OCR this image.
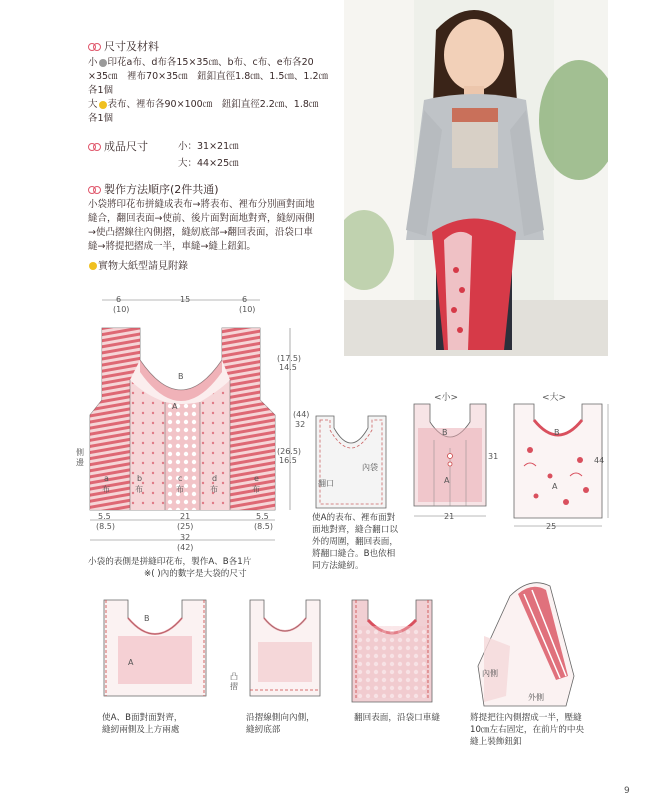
尺寸及材料
小 印花a布、d布各15×35㎝、b布、c布、e布各20
×35㎝　裡布70×35㎝　鈕釦直徑1.8㎝、1.5㎝、1.2㎝
各1個
大 表布、裡布各90×100㎝　鈕釦直徑2.2㎝、1.8㎝
各1個
成品尺寸	小：31×21㎝
大：44×25㎝
製作方法順序(2件共通)
小袋將印花布拼縫成表布→將表布、裡布分別画對面地
縫合，翻回表面→使前、後片面對面地對齊，縫紉兩側
→使凸摺線往內側摺，縫紉底部→翻回表面，沿袋口車
縫→將提把摺成一半，車縫→縫上鈕釦。
實物大紙型請見附錄
6
(10)
15	6
(10)
(17.5)
14.5
(44)
32
(26.5)
16.5
側邊
B
A
a
布
b
布
c
布
d
布
e
布
5.5
(8.5)
21
(25)
5.5
(8.5)
32
(42)
小袋的表側是拼縫印花布，製作A、B各1片
※( )內的數字是大袋的尺寸
內袋
翻口
使A的表布、裡布面對
面地對齊，縫合翻口以
外的周圍，翻回表面，
將翻口縫合。B也依相
同方法縫紉。
<小>
B
A
31
21
<大>
B
A
44
25
B
A
使A、B面對面對齊，
縫紉兩側及上方兩處
凸摺
沿摺線側向內側，
縫紉底部
翻回表面，沿袋口車縫
內側
外側
將提把往內側摺成一半，壓縫
10㎝左右固定，在前片的中央
縫上裝飾鈕釦
9
